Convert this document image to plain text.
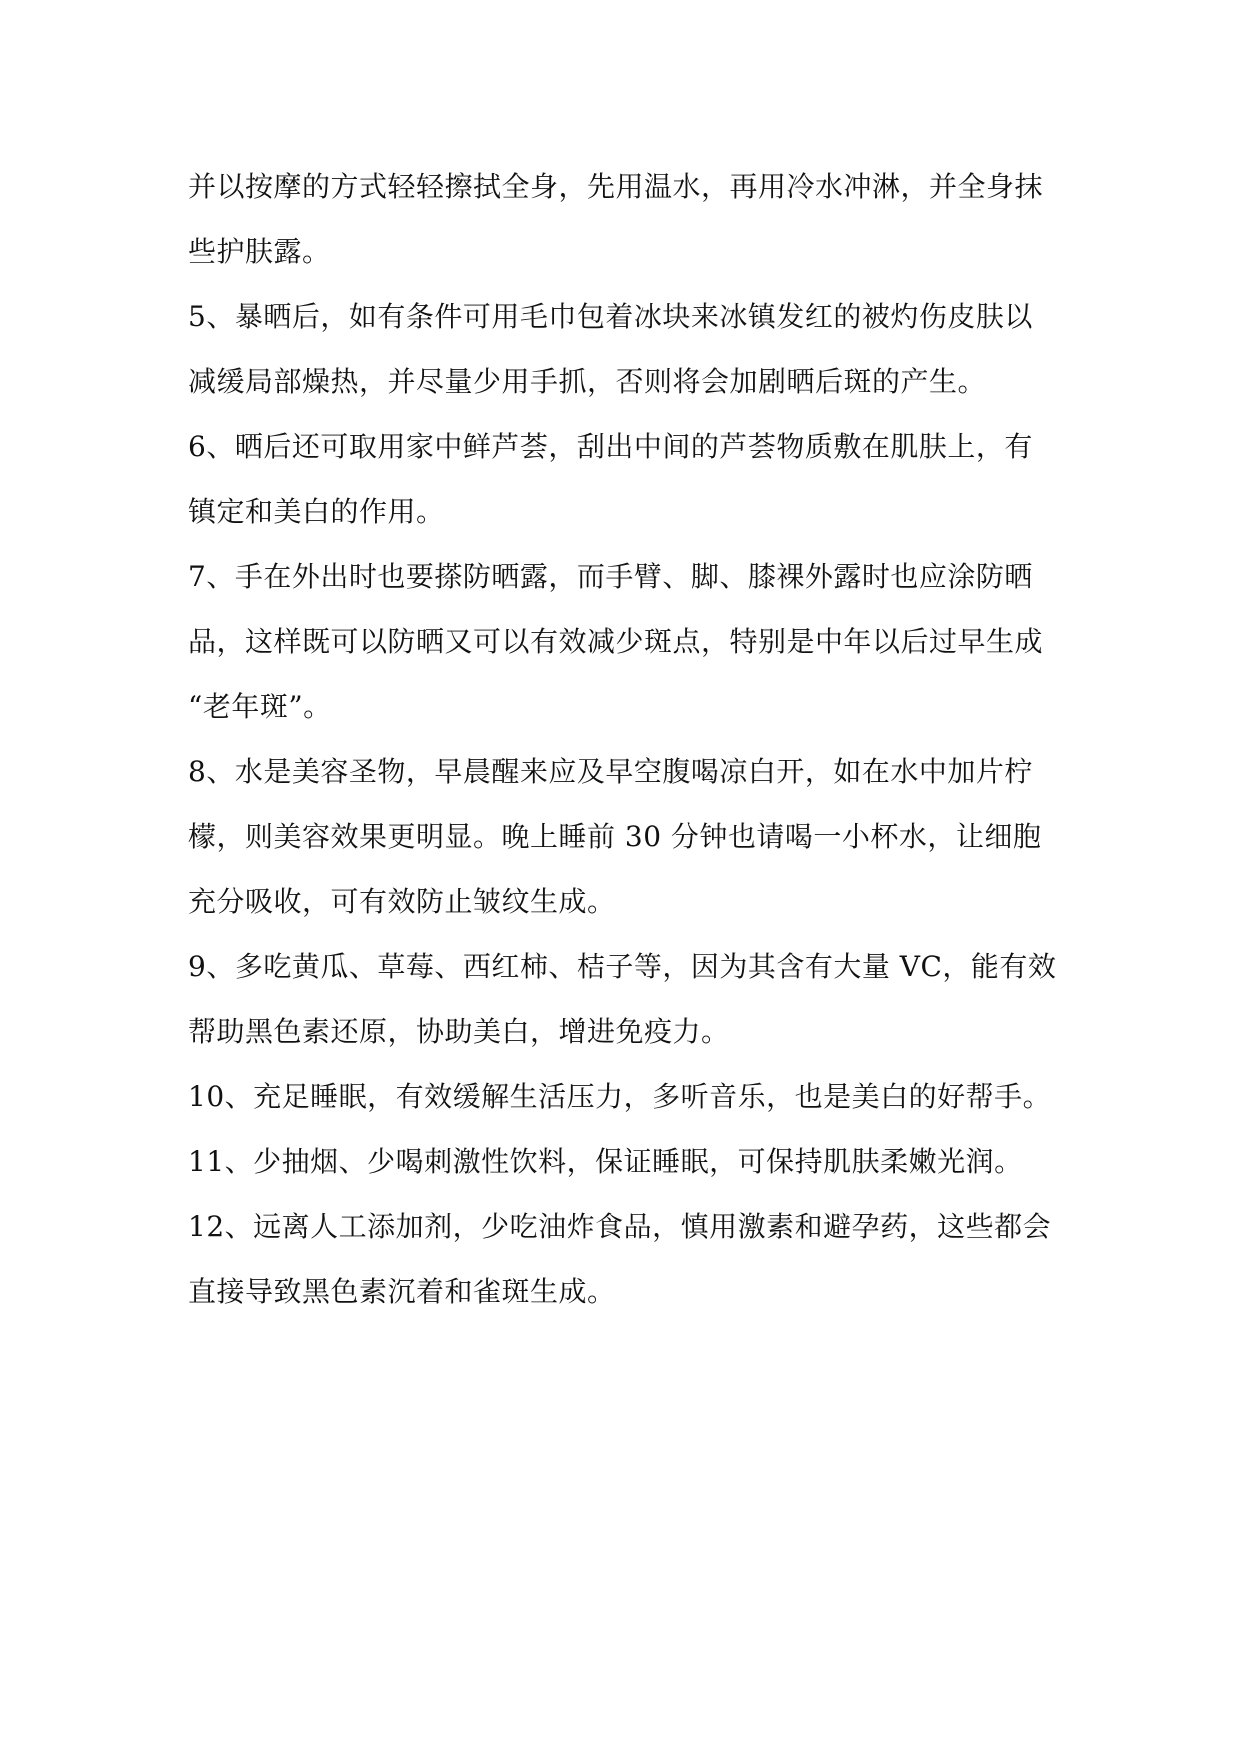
并以按摩的方式轻轻擦拭全身，先用温水，再用冷水冲淋，并全身抹
些护肤露。
5、暴晒后，如有条件可用毛巾包着冰块来冰镇发红的被灼伤皮肤以
减缓局部燥热，并尽量少用手抓，否则将会加剧晒后斑的产生。
6、晒后还可取用家中鲜芦荟，刮出中间的芦荟物质敷在肌肤上，有
镇定和美白的作用。
7、手在外出时也要搽防晒露，而手臂、脚、膝裸外露时也应涂防晒
品，这样既可以防晒又可以有效减少斑点，特别是中年以后过早生成
“老年斑”。
8、水是美容圣物，早晨醒来应及早空腹喝凉白开，如在水中加片柠
檬，则美容效果更明显。晚上睡前 30 分钟也请喝一小杯水，让细胞
充分吸收，可有效防止皱纹生成。
9、多吃黄瓜、草莓、西红柿、桔子等，因为其含有大量 VC，能有效
帮助黑色素还原，协助美白，增进免疫力。
10、充足睡眠，有效缓解生活压力，多听音乐，也是美白的好帮手。
11、少抽烟、少喝刺激性饮料，保证睡眠，可保持肌肤柔嫩光润。
12、远离人工添加剂，少吃油炸食品，慎用激素和避孕药，这些都会
直接导致黑色素沉着和雀斑生成。
